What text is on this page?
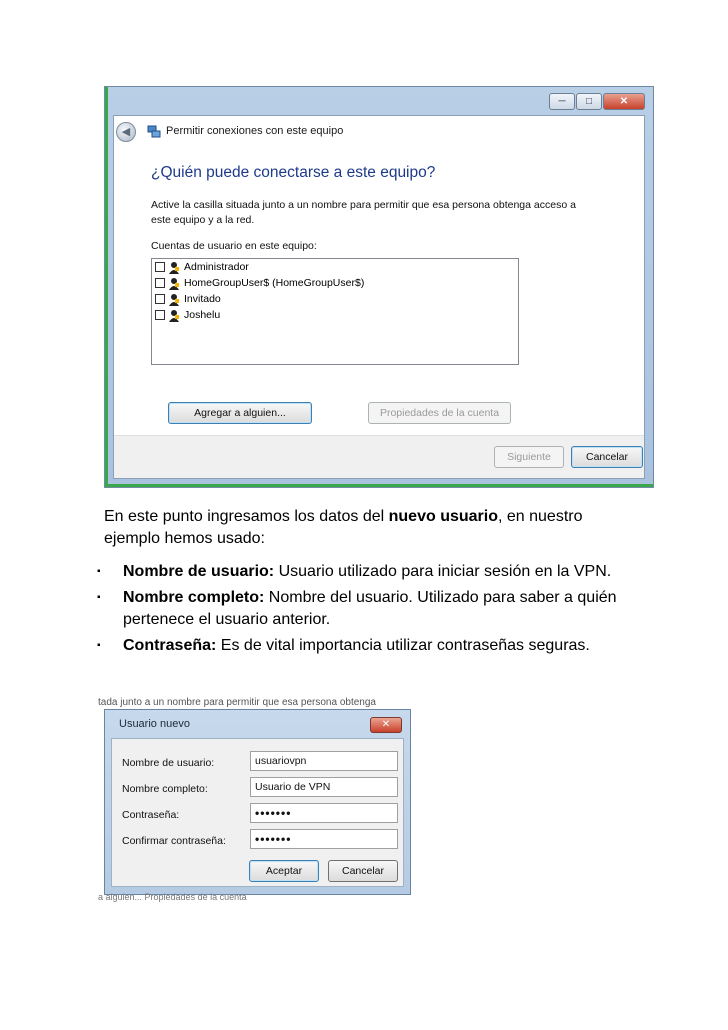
─	□	✕
◀	Permitir conexiones con este equipo
¿Quién puede conectarse a este equipo?
Active la casilla situada junto a un nombre para permitir que esa persona obtenga acceso a este equipo y a la red.
Cuentas de usuario en este equipo:
Administrador
HomeGroupUser$ (HomeGroupUser$)
Invitado
Joshelu
Agregar a alguien...	Propiedades de la cuenta
Siguiente	Cancelar
En este punto ingresamos los datos del nuevo usuario, en nuestro ejemplo hemos usado:
▪ Nombre de usuario: Usuario utilizado para iniciar sesión en la VPN.
▪ Nombre completo: Nombre del usuario. Utilizado para saber a quién pertenece el usuario anterior.
▪ Contraseña: Es de vital importancia utilizar contraseñas seguras.
tada junto a un nombre para permitir que esa persona obtenga
Usuario nuevo	✕
Nombre de usuario:	usuariovpn
Nombre completo:	Usuario de VPN
Contraseña:	•••••••
Confirmar contraseña:	•••••••
Aceptar	Cancelar
a alguien... Propiedades de la cuenta
